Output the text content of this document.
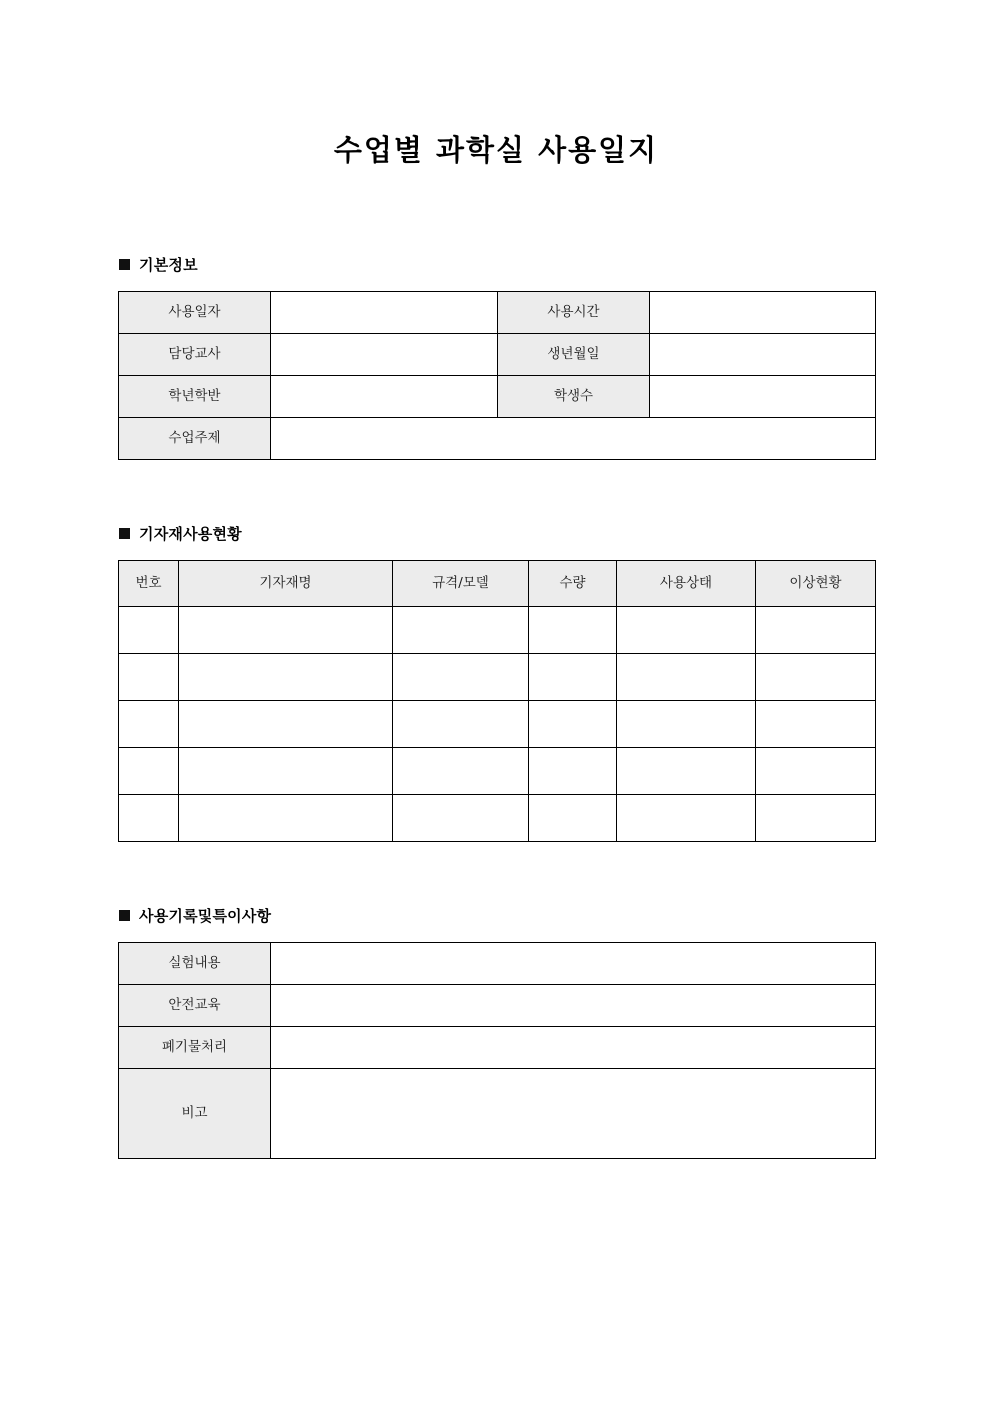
수업별 과학실 사용일지
기본정보
사용일자		사용시간	
담당교사		생년월일	
학년학반		학생수	
수업주제			
기자재사용현황
번호	기자재명	규격/모델	수량	사용상태	이상현황

사용기록및특이사항
실험내용	
안전교육	
폐기물처리	
비고	
